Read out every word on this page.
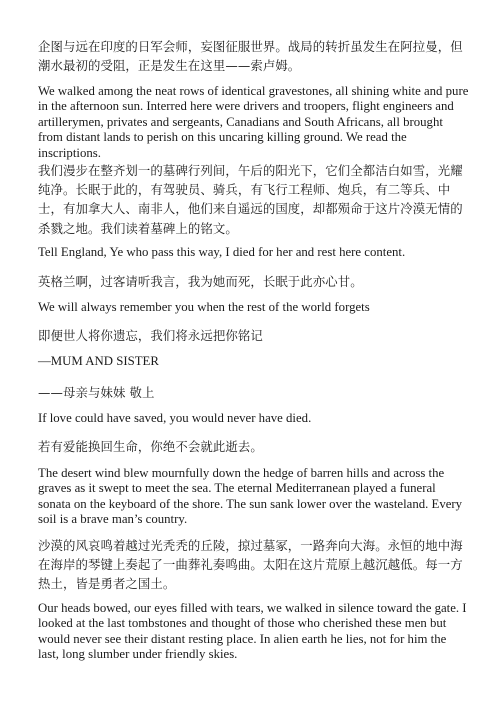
企图与远在印度的日军会师，妄图征服世界。战局的转折虽发生在阿拉曼，但潮水最初的受阻，正是发生在这里——索卢姆。

We walked among the neat rows of identical gravestones, all shining white and pure in the afternoon sun. Interred here were drivers and troopers, flight engineers and artillerymen, privates and sergeants, Canadians and South Africans, all brought from distant lands to perish on this uncaring killing ground. We read the inscriptions.

我们漫步在整齐划一的墓碑行列间，午后的阳光下，它们全都洁白如雪，光耀纯净。长眠于此的，有驾驶员、骑兵，有飞行工程师、炮兵，有二等兵、中士，有加拿大人、南非人，他们来自遥远的国度，却都殒命于这片冷漠无情的杀戮之地。我们读着墓碑上的铭文。

Tell England, Ye who pass this way, I died for her and rest here content.

英格兰啊，过客请听我言，我为她而死，长眠于此亦心甘。

We will always remember you when the rest of the world forgets

即便世人将你遗忘，我们将永远把你铭记

—MUM AND SISTER

——母亲与妹妹 敬上

If love could have saved, you would never have died.

若有爱能换回生命，你绝不会就此逝去。

The desert wind blew mournfully down the hedge of barren hills and across the graves as it swept to meet the sea. The eternal Mediterranean played a funeral sonata on the keyboard of the shore. The sun sank lower over the wasteland. Every soil is a brave man’s country.

沙漠的风哀鸣着越过光秃秃的丘陵，掠过墓冢，一路奔向大海。永恒的地中海在海岸的琴键上奏起了一曲葬礼奏鸣曲。太阳在这片荒原上越沉越低。每一方热土，皆是勇者之国土。

Our heads bowed, our eyes filled with tears, we walked in silence toward the gate. I looked at the last tombstones and thought of those who cherished these men but would never see their distant resting place. In alien earth he lies, not for him the last, long slumber under friendly skies.
